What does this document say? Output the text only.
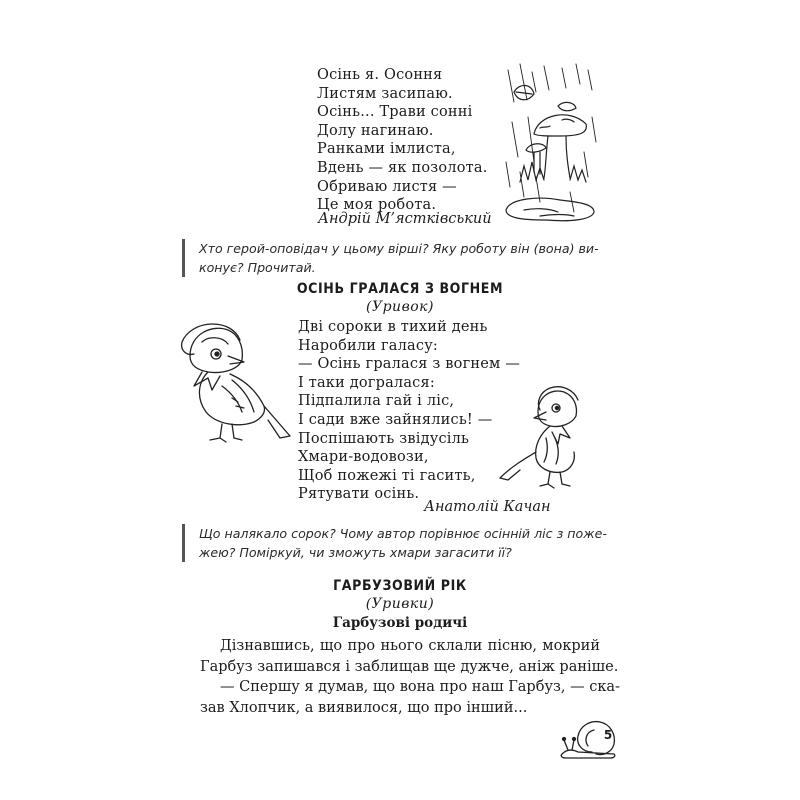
Осінь я. Осоння
Листям засипаю.
Осінь... Трави сонні
Долу нагинаю.
Ранками імлиста,
Вдень — як позолота.
Обриваю листя —
Це моя робота.
Андрій М’ястківський
Хто герой-оповідач у цьому вірші? Яку роботу він (вона) ви-
конує? Прочитай.
ОСІНЬ ГРАЛАСЯ З ВОГНЕМ
(Уривок)
Дві сороки в тихий день
Наробили галасу:
— Осінь гралася з вогнем —
І таки догралася:
Підпалила гай і ліс,
І сади вже зайнялись! —
Поспішають звідусіль
Хмари-водовози,
Щоб пожежі ті гасить,
Рятувати осінь.
Анатолій Качан
Що налякало сорок? Чому автор порівнює осінній ліс з поже-
жею? Поміркуй, чи зможуть хмари загасити її?
ГАРБУЗОВИЙ РІК
(Уривки)
Гарбузові родичі
Дізнавшись, що про нього склали пісню, мокрий
Гарбуз запишався і заблищав ще дужче, аніж раніше.
— Спершу я думав, що вона про наш Гарбуз, — ска-
зав Хлопчик, а виявилося, що про інший...
5
